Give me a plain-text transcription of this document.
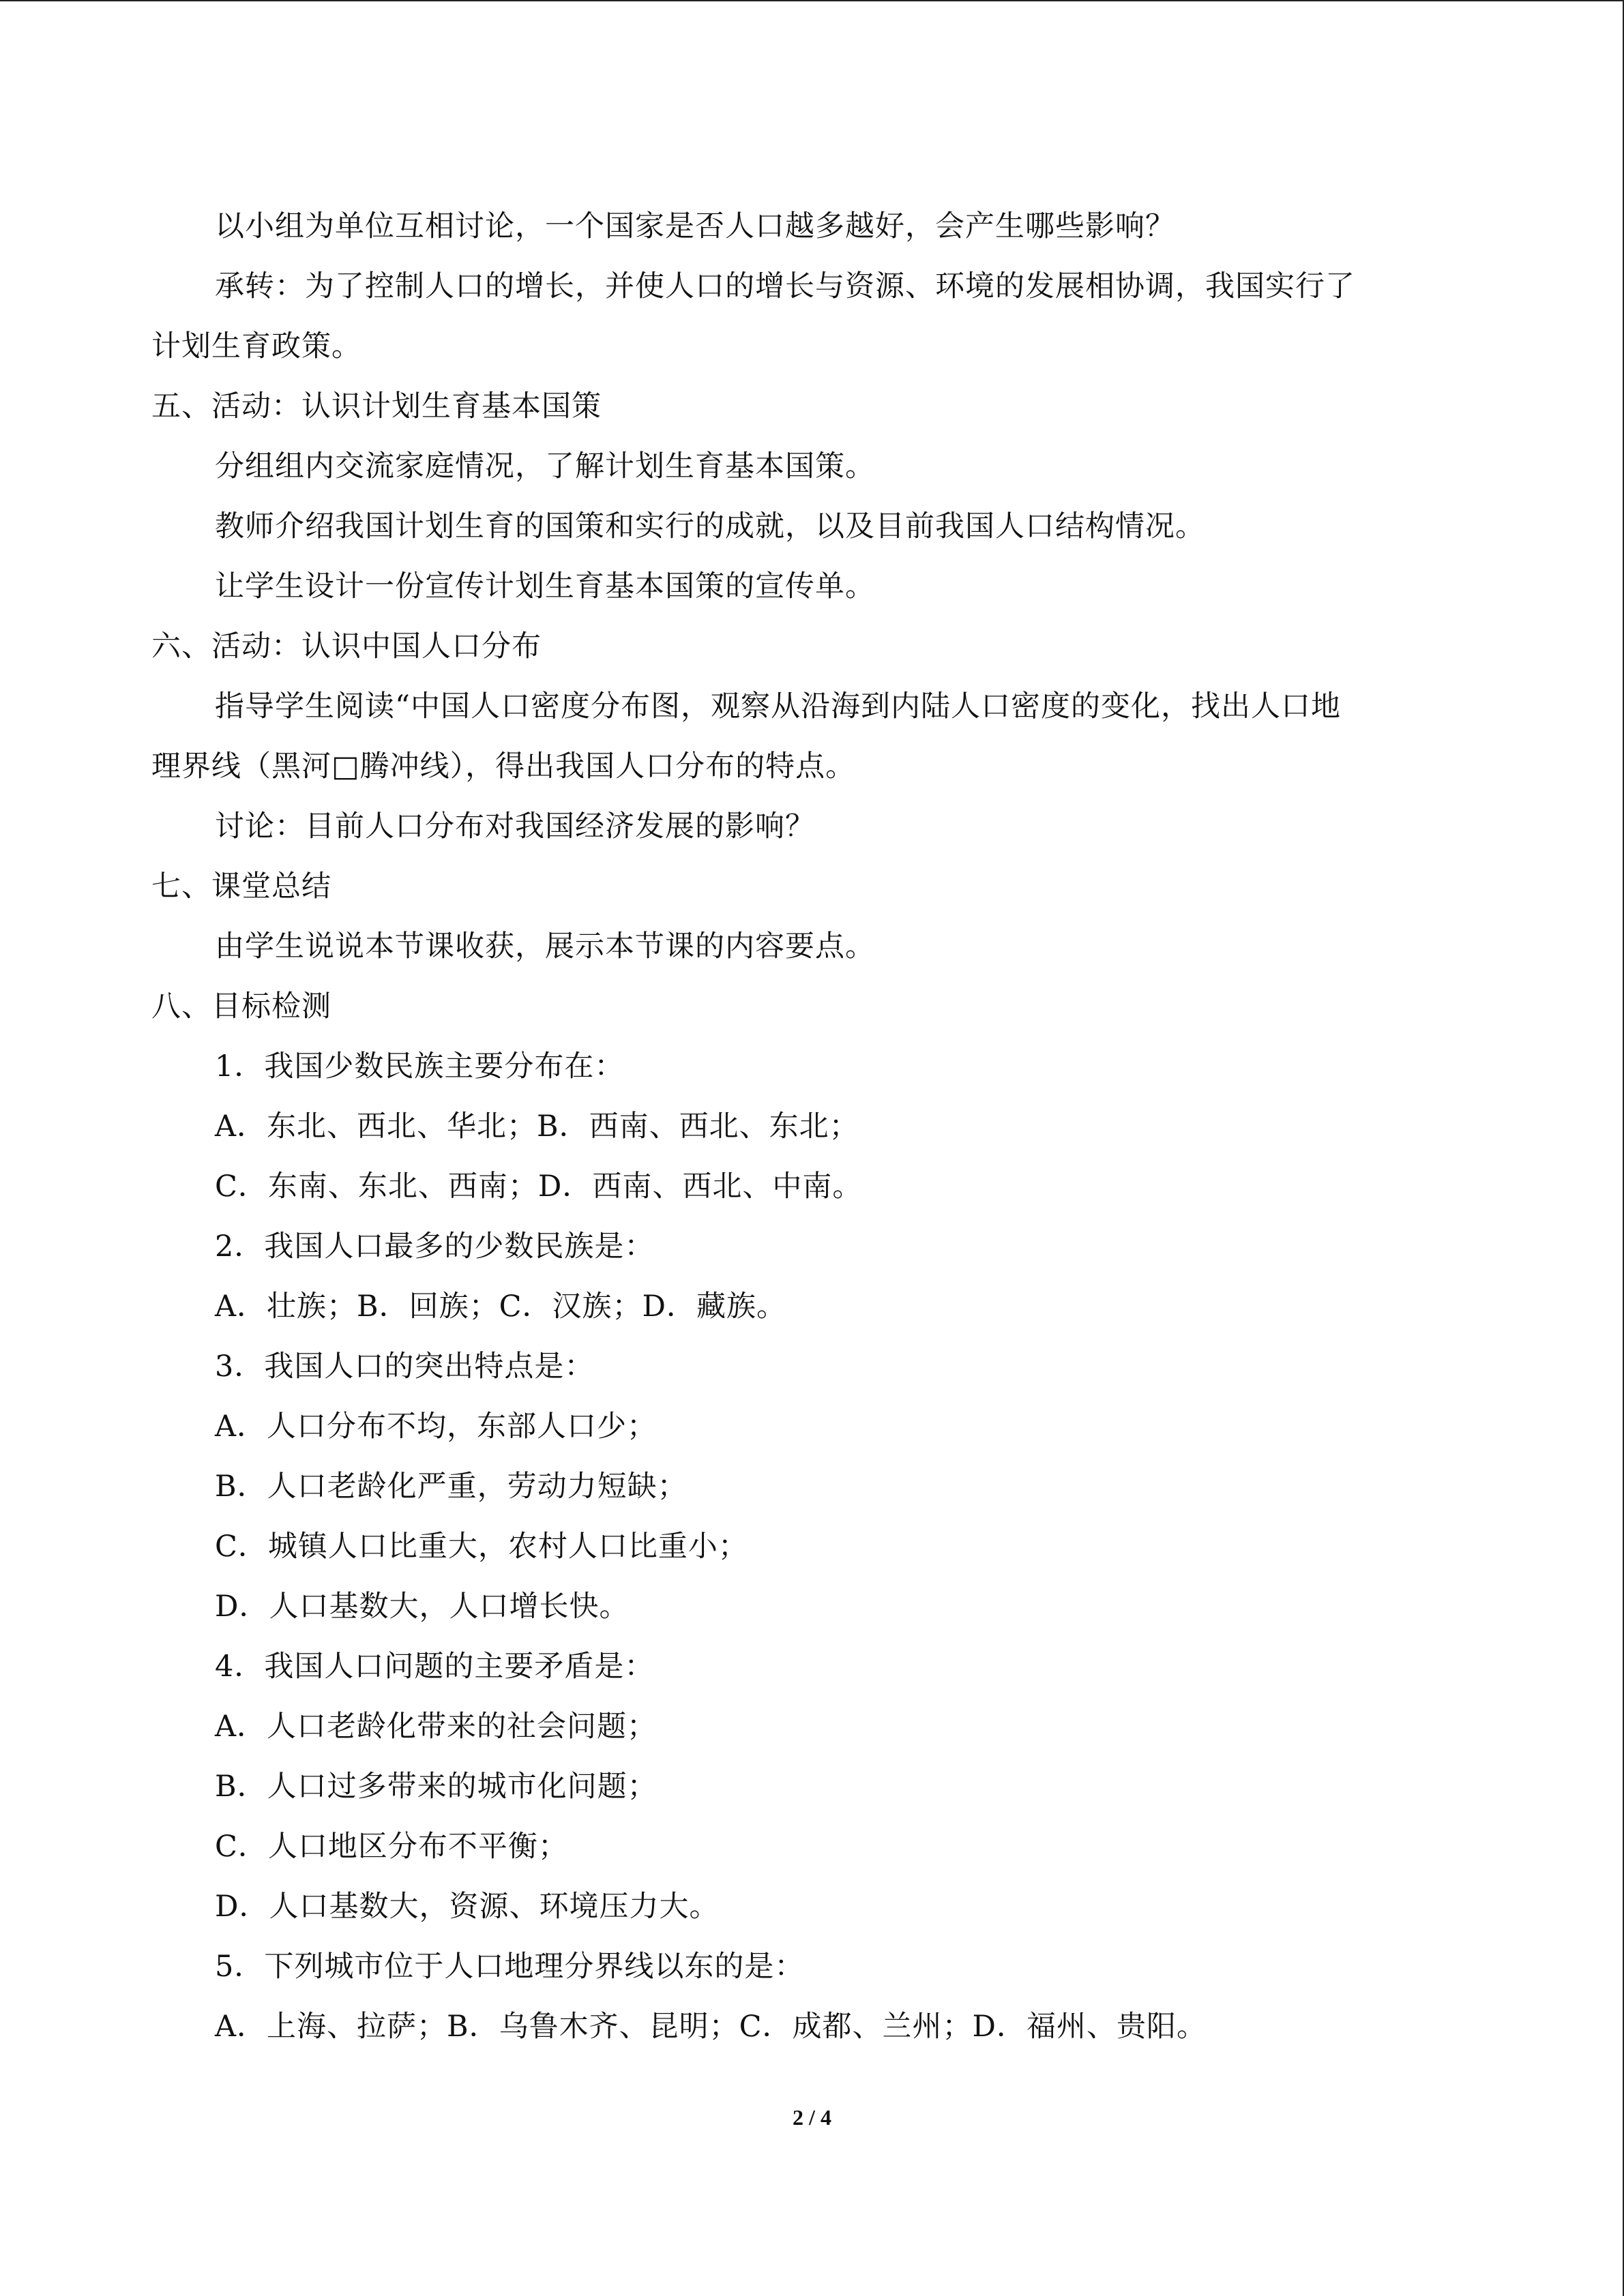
以小组为单位互相讨论，一个国家是否人口越多越好，会产生哪些影响？
承转：为了控制人口的增长，并使人口的增长与资源、环境的发展相协调，我国实行了
计划生育政策。
五、活动：认识计划生育基本国策
分组组内交流家庭情况，了解计划生育基本国策。
教师介绍我国计划生育的国策和实行的成就，以及目前我国人口结构情况。
让学生设计一份宣传计划生育基本国策的宣传单。
六、活动：认识中国人口分布
指导学生阅读“中国人口密度分布图，观察从沿海到内陆人口密度的变化，找出人口地
理界线（黑河□腾冲线），得出我国人口分布的特点。
讨论：目前人口分布对我国经济发展的影响？
七、课堂总结
由学生说说本节课收获，展示本节课的内容要点。
八、目标检测
1．我国少数民族主要分布在：
A．东北、西北、华北；B．西南、西北、东北；
C．东南、东北、西南；D．西南、西北、中南。
2．我国人口最多的少数民族是：
A．壮族；B．回族；C．汉族；D．藏族。
3．我国人口的突出特点是：
A．人口分布不均，东部人口少；
B．人口老龄化严重，劳动力短缺；
C．城镇人口比重大，农村人口比重小；
D．人口基数大，人口增长快。
4．我国人口问题的主要矛盾是：
A．人口老龄化带来的社会问题；
B．人口过多带来的城市化问题；
C．人口地区分布不平衡；
D．人口基数大，资源、环境压力大。
5．下列城市位于人口地理分界线以东的是：
A．上海、拉萨；B．乌鲁木齐、昆明；C．成都、兰州；D．福州、贵阳。
2 / 4
